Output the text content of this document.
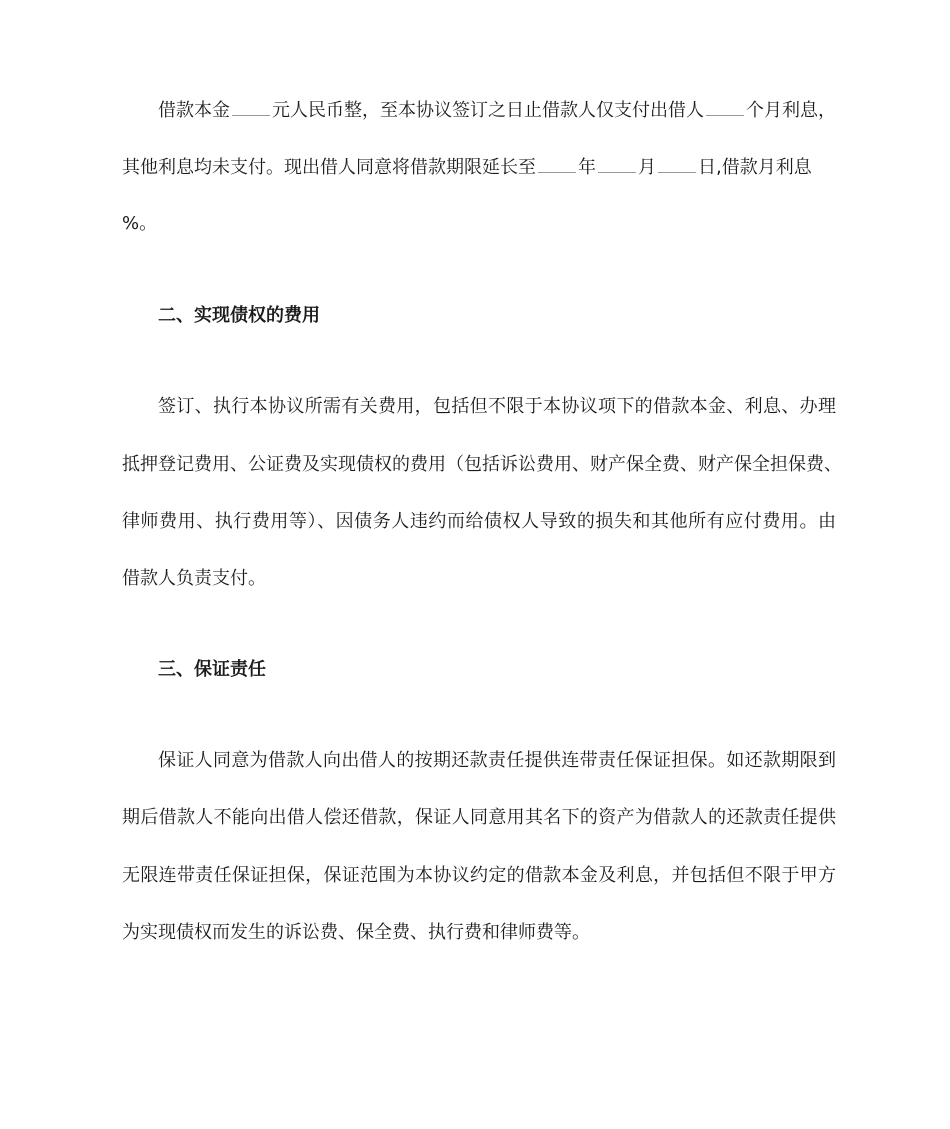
借款本金 元人民币整，至本协议签订之日止借款人仅支付出借人 个月利息，
其他利息均未支付。现出借人同意将借款期限延长至 年 月 日,借款月利息
%。
二、实现债权的费用
签订、执行本协议所需有关费用，包括但不限于本协议项下的借款本金、利息、办理
抵押登记费用、公证费及实现债权的费用（包括诉讼费用、财产保全费、财产保全担保费、
律师费用、执行费用等）、因债务人违约而给债权人导致的损失和其他所有应付费用。由
借款人负责支付。
三、保证责任
保证人同意为借款人向出借人的按期还款责任提供连带责任保证担保。如还款期限到
期后借款人不能向出借人偿还借款，保证人同意用其名下的资产为借款人的还款责任提供
无限连带责任保证担保，保证范围为本协议约定的借款本金及利息，并包括但不限于甲方
为实现债权而发生的诉讼费、保全费、执行费和律师费等。
